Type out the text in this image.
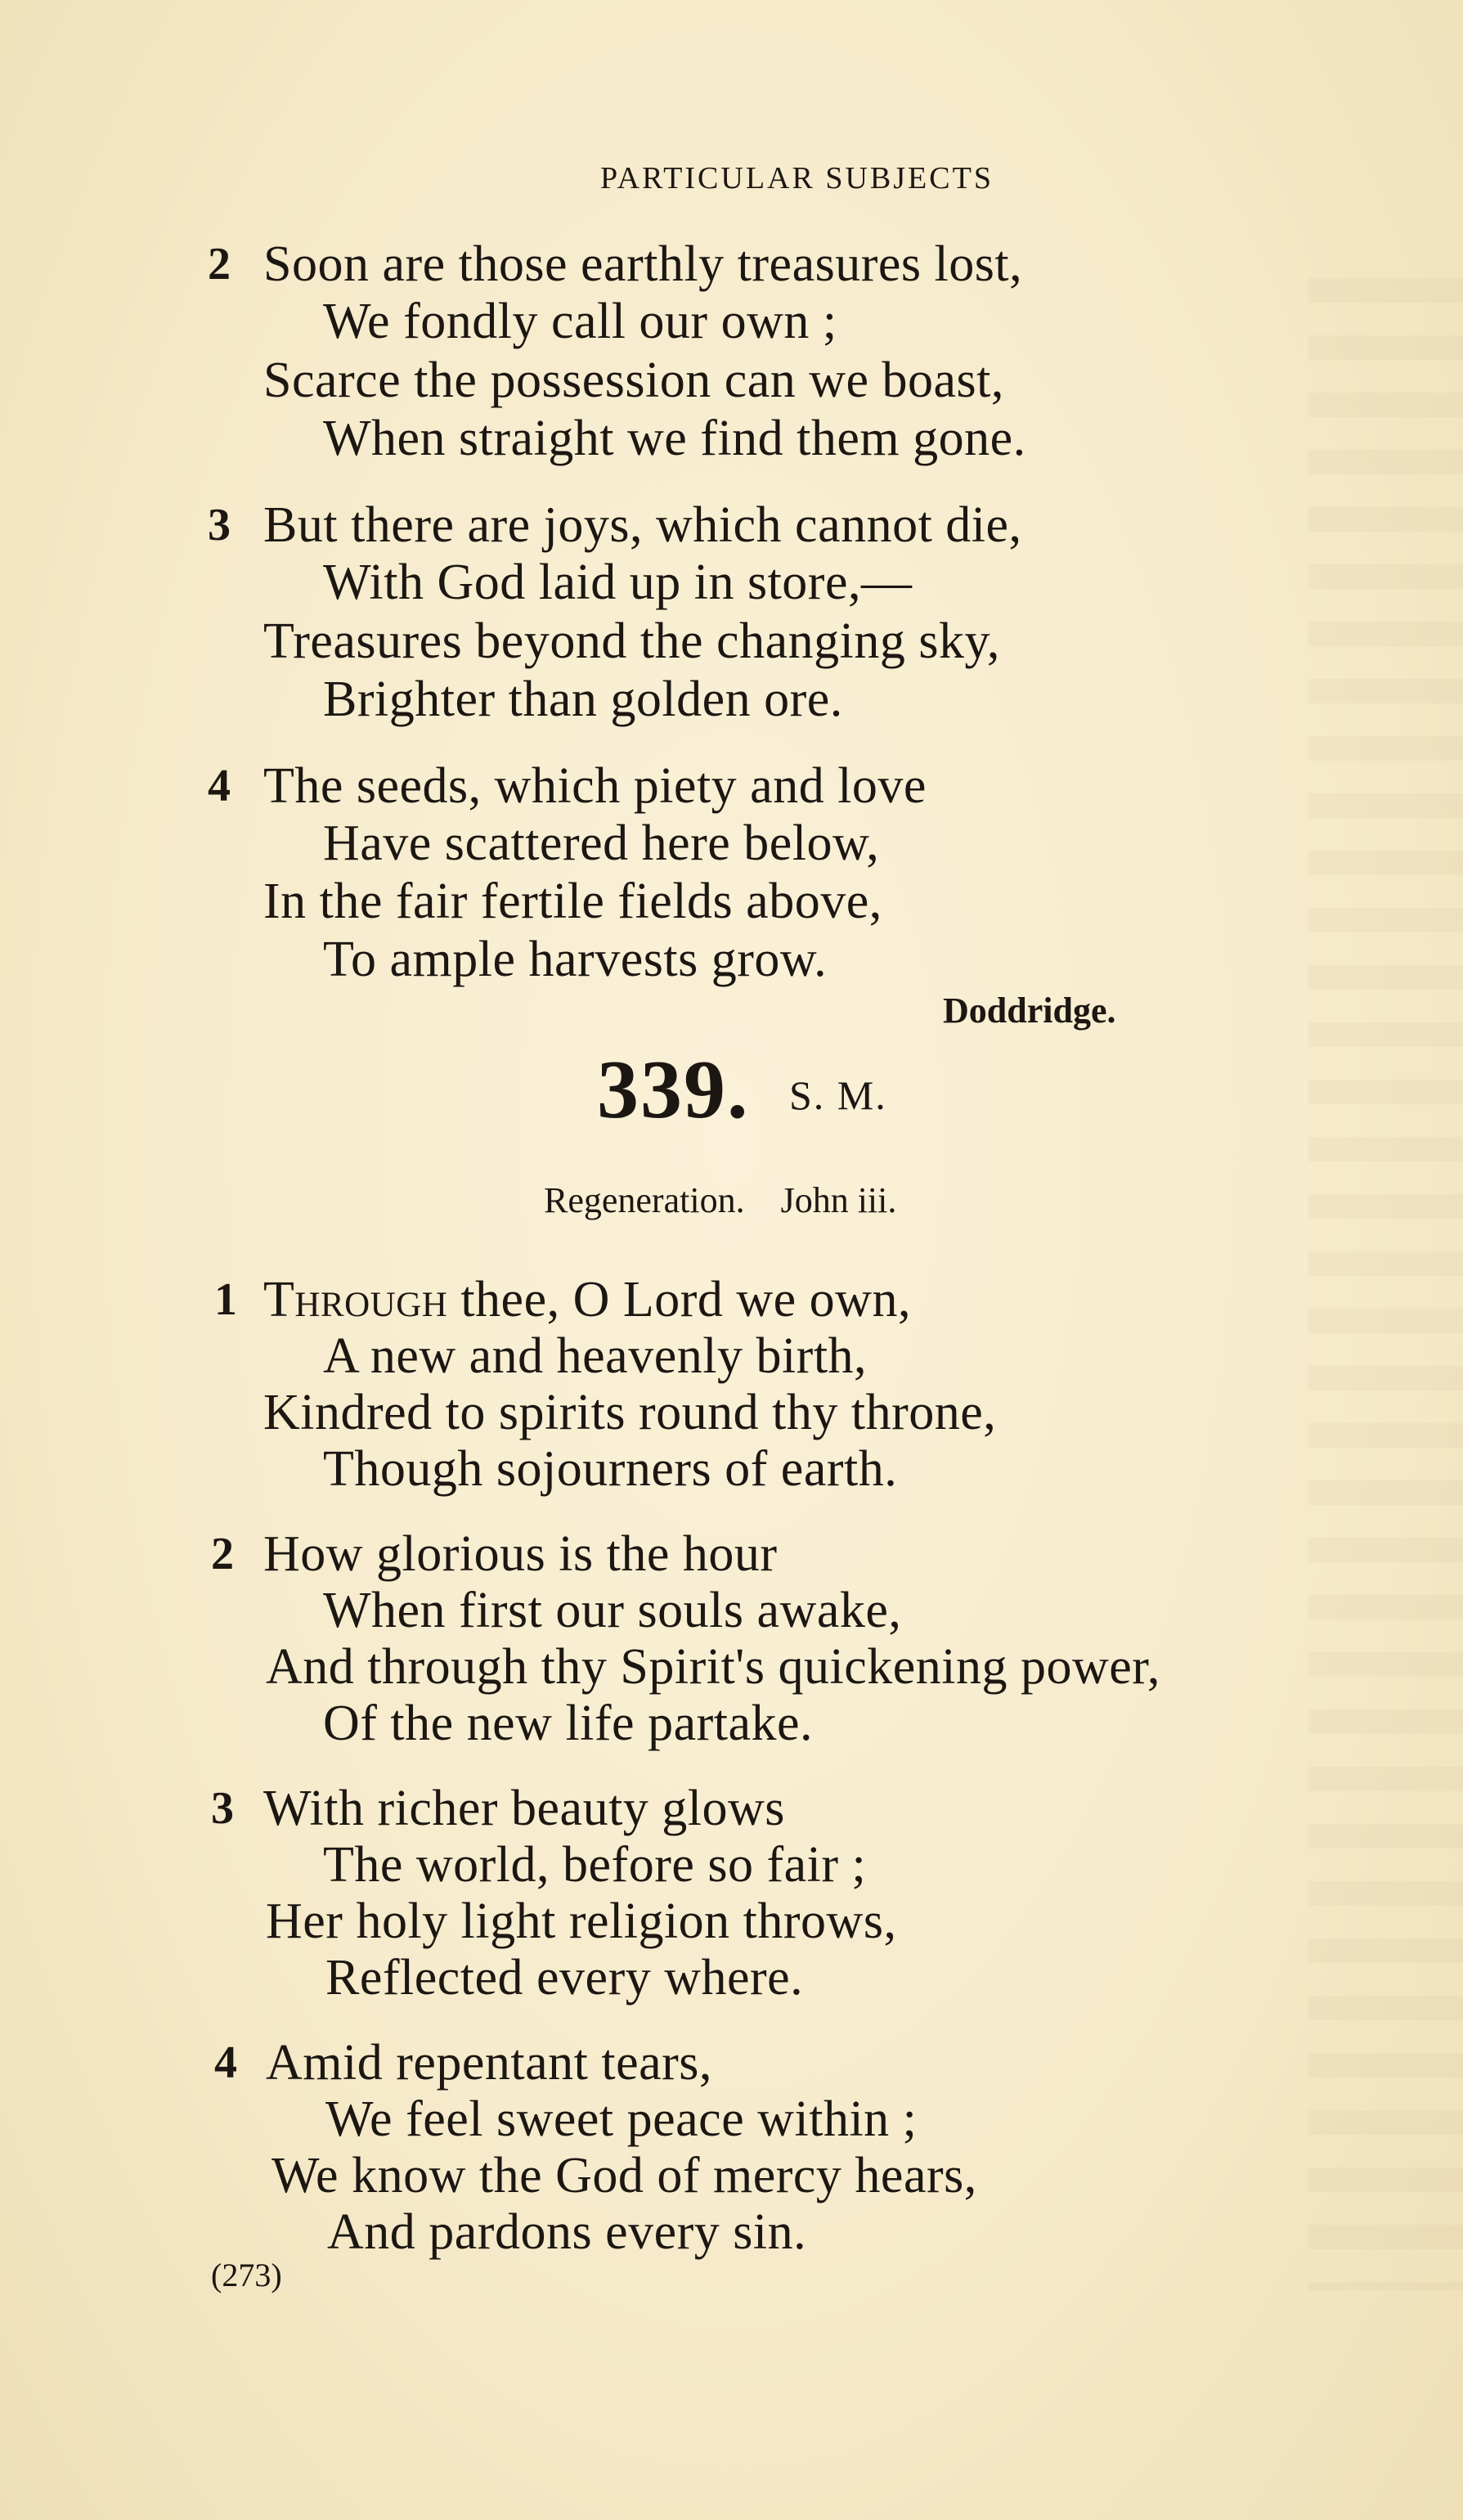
PARTICULAR SUBJECTS
2 Soon are those earthly treasures lost,
We fondly call our own ;
Scarce the possession can we boast,
When straight we find them gone.
3 But there are joys, which cannot die,
With God laid up in store,—
Treasures beyond the changing sky,
Brighter than golden ore.
4 The seeds, which piety and love
Have scattered here below,
In the fair fertile fields above,
To ample harvests grow.
Doddridge.
339. S. M.
Regeneration.    John iii.
1 Through thee, O Lord we own,
A new and heavenly birth,
Kindred to spirits round thy throne,
Though sojourners of earth.
2 How glorious is the hour
When first our souls awake,
And through thy Spirit's quickening power,
Of the new life partake.
3 With richer beauty glows
The world, before so fair ;
Her holy light religion throws,
Reflected every where.
4 Amid repentant tears,
We feel sweet peace within ;
We know the God of mercy hears,
And pardons every sin.
(273)
